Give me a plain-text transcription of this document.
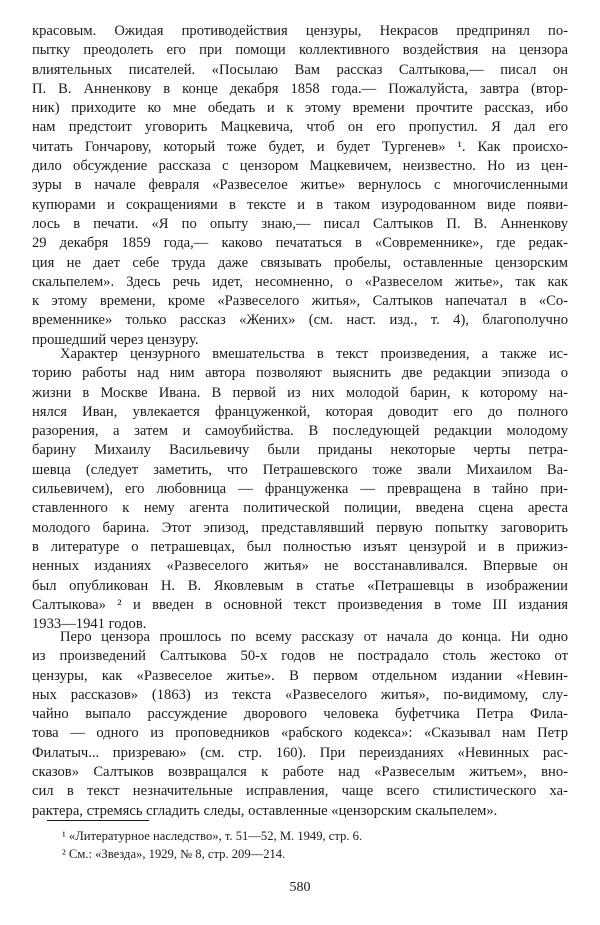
красовым. Ожидая противодействия цензуры, Некрасов предпринял по-
пытку преодолеть его при помощи коллективного воздействия на цензора
влиятельных писателей. «Посылаю Вам рассказ Салтыкова,— писал он
П. В. Анненкову в конце декабря 1858 года.— Пожалуйста, завтра (втор-
ник) приходите ко мне обедать и к этому времени прочтите рассказ, ибо
нам предстоит уговорить Мацкевича, чтоб он его пропустил. Я дал его
читать Гончарову, который тоже будет, и будет Тургенев» ¹. Как происхо-
дило обсуждение рассказа с цензором Мацкевичем, неизвестно. Но из цен-
зуры в начале февраля «Развеселое житье» вернулось с многочисленными
купюрами и сокращениями в тексте и в таком изуродованном виде появи-
лось в печати. «Я по опыту знаю,— писал Салтыков П. В. Анненкову
29 декабря 1859 года,— каково печататься в «Современнике», где редак-
ция не дает себе труда даже связывать пробелы, оставленные цензорским
скальпелем». Здесь речь идет, несомненно, о «Развеселом житье», так как
к этому времени, кроме «Развеселого житья», Салтыков напечатал в «Со-
временнике» только рассказ «Жених» (см. наст. изд., т. 4), благополучно
прошедший через цензуру.
Характер цензурного вмешательства в текст произведения, а также ис-
торию работы над ним автора позволяют выяснить две редакции эпизода о
жизни в Москве Ивана. В первой из них молодой барин, к которому на-
нялся Иван, увлекается француженкой, которая доводит его до полного
разорения, а затем и самоубийства. В последующей редакции молодому
барину Михаилу Васильевичу были приданы некоторые черты петра-
шевца (следует заметить, что Петрашевского тоже звали Михаилом Ва-
сильевичем), его любовница — француженка — превращена в тайно при-
ставленного к нему агента политической полиции, введена сцена ареста
молодого барина. Этот эпизод, представлявший первую попытку заговорить
в литературе о петрашевцах, был полностью изъят цензурой и в прижиз-
ненных изданиях «Развеселого житья» не восстанавливался. Впервые он
был опубликован Н. В. Яковлевым в статье «Петрашевцы в изображении
Салтыкова» ² и введен в основной текст произведения в томе III издания
1933—1941 годов.
Перо цензора прошлось по всему рассказу от начала до конца. Ни одно
из произведений Салтыкова 50-х годов не пострадало столь жестоко от
цензуры, как «Развеселое житье». В первом отдельном издании «Невин-
ных рассказов» (1863) из текста «Развеселого житья», по-видимому, слу-
чайно выпало рассуждение дворового человека буфетчика Петра Фила-
това — одного из проповедников «рабского кодекса»: «Сказывал нам Петр
Филатыч... призреваю» (см. стр. 160). При переизданиях «Невинных рас-
сказов» Салтыков возвращался к работе над «Развеселым житьем», вно-
сил в текст незначительные исправления, чаще всего стилистического ха-
рактера, стремясь сгладить следы, оставленные «цензорским скальпелем».
¹ «Литературное наследство», т. 51—52, М. 1949, стр. 6.
² См.: «Звезда», 1929, № 8, стр. 209—214.
580
